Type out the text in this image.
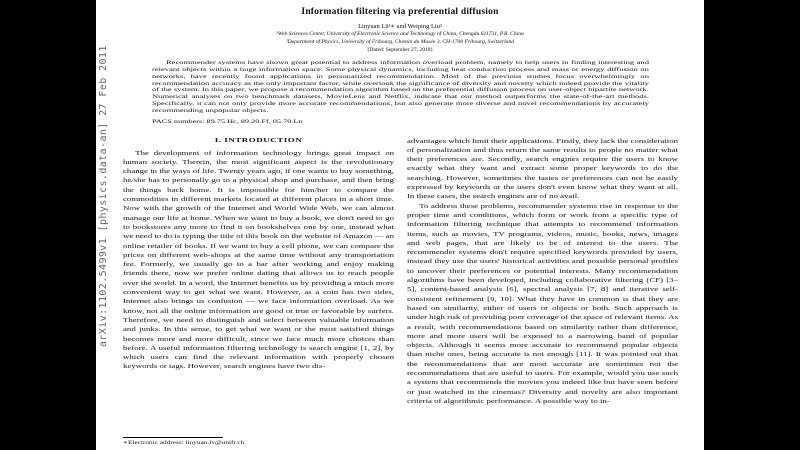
arXiv:1102.5499v1 [physics.data-an] 27 Feb 2011
Information filtering via preferential diffusion
Linyuan Lü¹∗ and Weiping Liu²
¹Web Sciences Center, University of Electronic Science and Technology of China, Chengdu 611731, P.R. China
²Department of Physics, University of Fribourg, Chemin du Musée 3, CH-1700 Fribourg, Switzerland
(Dated: September 27, 2018)
Recommender systems have shown great potential to address information overload problem, namely to help users in finding interesting and relevant objects within a huge information space. Some physical dynamics, including heat conduction process and mass or energy diffusion on networks, have recently found applications in personalized recommendation. Most of the previous studies focus overwhelmingly on recommendation accuracy as the only important factor, while overlook the significance of diversity and novelty which indeed provide the vitality of the system. In this paper, we propose a recommendation algorithm based on the preferential diffusion process on user-object bipartite network. Numerical analyses on two benchmark datasets, MovieLens and Netflix, indicate that our method outperforms the state-of-the-art methods. Specifically, it can not only provide more accurate recommendations, but also generate more diverse and novel recommendations by accurately recommending unpopular objects.
PACS numbers: 89.75.Hc, 89.20.Ff, 05.70.Ln
I. INTRODUCTION

The development of information technology brings great impact on human society. Therein, the most significant aspect is the revolutionary change in the ways of life. Twenty years ago, if one wants to buy something, he/she has to personally go to a physical shop and purchase, and then bring the things back home. It is impossible for him/her to compare the commodities in different markets located at different places in a short time. Now with the growth of the Internet and World Wide Web, we can almost manage our life at home. When we want to buy a book, we don't need to go to bookstores any more to find it on bookshelves one by one, instead what we need to do is typing the title of this book on the website of Amazon — an online retailer of books. If we want to buy a cell phone, we can compare the prices on different web-shops at the same time without any transportation fee. Formerly, we usually go to a bar after working and enjoy making friends there, now we prefer online dating that allows us to reach people over the world. In a word, the Internet benefits us by providing a much more convenient way to get what we want. However, as a coin has two sides, Internet also brings us confusion — we face information overload. As we know, not all the online information are good or true or favorable by surfers. Therefore, we need to distinguish and select between valuable information and junks. In this sense, to get what we want or the most satisfied things becomes more and more difficult, since we face much more choices than before. A useful information filtering technology is search engine [1, 2], by which users can find the relevant information with properly chosen keywords or tags. However, search engines have two dis-

advantages which limit their applications. Firstly, they lack the consideration of personalization and thus return the same results to people no matter what their preferences are. Secondly, search engines require the users to know exactly what they want and extract some proper keywords to do the searching. However, sometimes the tastes or preferences can not be easily expressed by keywords or the users don't even know what they want at all. In these cases, the search engines are of no avail.

To address these problems, recommender systems rise in response to the proper time and conditions, which form or work from a specific type of information filtering technique that attempts to recommend information items, such as movies, TV programs, videos, music, books, news, images and web pages, that are likely to be of interest to the users. The recommender systems don't require specified keywords provided by users, instead they use the users' historical activities and possible personal profiles to uncover their preferences or potential interests. Many recommendation algorithms have been developed, including collaborative filtering (CF) [3–5], content-based analysis [6], spectral analysis [7, 8] and iterative self-consistent refinement [9, 10]. What they have in common is that they are based on similarity, either of users or objects or both. Such approach is under high risk of providing poor coverage of the space of relevant items. As a result, with recommendations based on similarity rather than difference, more and more users will be exposed to a narrowing band of popular objects. Although it seems more accurate to recommend popular objects than niche ones, being accurate is not enough [11]. It was pointed out that the recommendations that are most accurate are sometimes not the recommendations that are useful to users. For example, would you use such a system that recommends the movies you indeed like but have seen before or just watched in the cinemas? Diversity and novelty are also important criteria of algorithmic performance. A possible way to in-

∗Electronic address: linyuan.lv@unifr.ch
